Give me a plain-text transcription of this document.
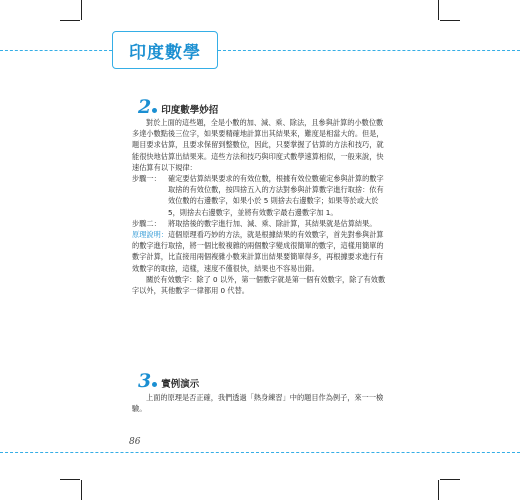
印度數學
2 印度數學妙招

對於上面的這些題，全是小數的加、減、乘、除法，且參與計算的小數位數多達小數點後三位字，如果要精確地計算出其結果來，難度是相當大的。但是，題目要求估算，且要求保留到整數位，因此，只要掌握了估算的方法和技巧，就能很快地估算出結果來。這些方法和技巧與印度式數學速算相似，一般來說，快速估算有以下規律：

步驟一：	確定要估算結果要求的有效位數，根據有效位數確定參與計算的數字取捨的有效位數，按四捨五入的方法對參與計算數字進行取捨：依有效位數的右邊數字，如果小於 5 則捨去右邊數字；如果等於或大於 5，則捨去右邊數字，並將有效數字最右邊數字加 1。
步驟二：	將取捨後的數字進行加、減、乘、除計算，其結果就是估算結果。

原理說明：這個原理看巧妙的方法，就是根據結果的有效數字，首先對參與計算的數字進行取捨，將一個比較複雜的兩個數字變成很簡單的數字，這樣用簡單的數字計算，比直接用兩個複雜小數來計算出結果要簡單得多，再根據要求進行有效數字的取捨，這樣，速度不僅很快，結果也不容易出錯。

關於有效數字：除了 0 以外，第一個數字就是第一個有效數字，除了有效數字以外，其他數字一律都用 0 代替。

3 實例演示

上面的原理是否正確，我們透過「熱身練習」中的題目作為例子，來一一檢驗。

86
